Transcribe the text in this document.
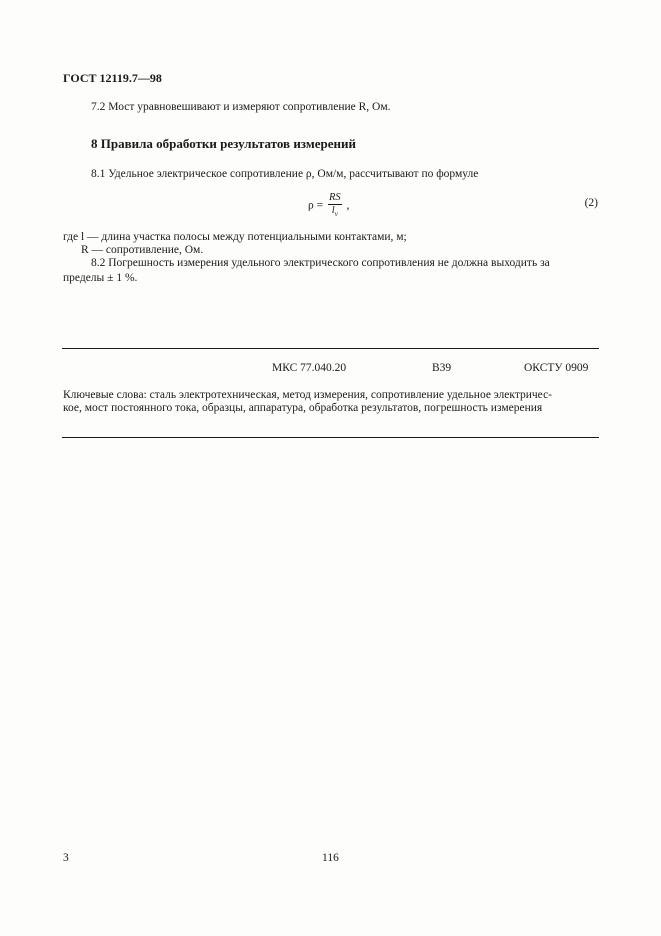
ГОСТ 12119.7—98
7.2 Мост уравновешивают и измеряют сопротивление R, Ом.
8 Правила обработки результатов измерений
8.1 Удельное электрическое сопротивление ρ, Ом/м, рассчитывают по формуле
$\rho = \frac{RS}{l_v}$ ,	(2)
где l — длина участка полосы между потенциальными контактами, м;
R — сопротивление, Ом.
8.2 Погрешность измерения удельного электрического сопротивления не должна выходить за
пределы ± 1 %.
МКС 77.040.20	В39	ОКСТУ 0909
Ключевые слова: сталь электротехническая, метод измерения, сопротивление удельное электричес-
кое, мост постоянного тока, образцы, аппаратура, обработка результатов, погрешность измерения
3	116
